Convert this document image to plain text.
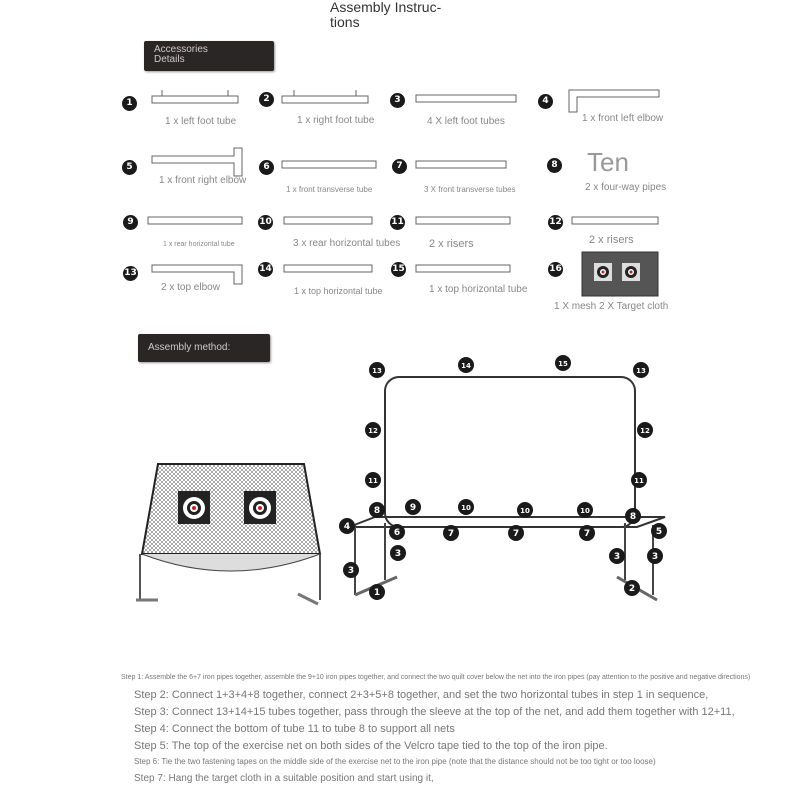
Assembly Instruc-
tions
Accessories
Details
1
1 x left foot tube
2
1 x right foot tube
3
4 X left foot tubes
4
1 x front left elbow
5
1 x front right elbow
6
1 x front transverse tube
7
3 X front transverse tubes
8 Ten
2 x four-way pipes
9
1 x rear horizontal tube
10
3 x rear horizontal tubes
11
2 x risers
12
2 x risers
13
2 x top elbow
14
1 x top horizontal tube
15
1 x top horizontal tube
16
1 X mesh 2 X Target cloth
Assembly method:
13
14	15
13
12	12
11	11
8	9	10	10	10
8
4
6	7	7	7	5
3
3
3	3
1	2
Step 1: Assemble the 6+7 iron pipes together, assemble the 9+10 iron pipes together, and connect the two quilt cover below the net into the iron pipes (pay attention to the positive and negative directions)
Step 2: Connect 1+3+4+8 together, connect 2+3+5+8 together, and set the two horizontal tubes in step 1 in sequence,
Step 3: Connect 13+14+15 tubes together, pass through the sleeve at the top of the net, and add them together with 12+11,
Step 4: Connect the bottom of tube 11 to tube 8 to support all nets
Step 5: The top of the exercise net on both sides of the Velcro tape tied to the top of the iron pipe.
Step 6: Tie the two fastening tapes on the middle side of the exercise net to the iron pipe (note that the distance should not be too tight or too loose)
Step 7: Hang the target cloth in a suitable position and start using it,
